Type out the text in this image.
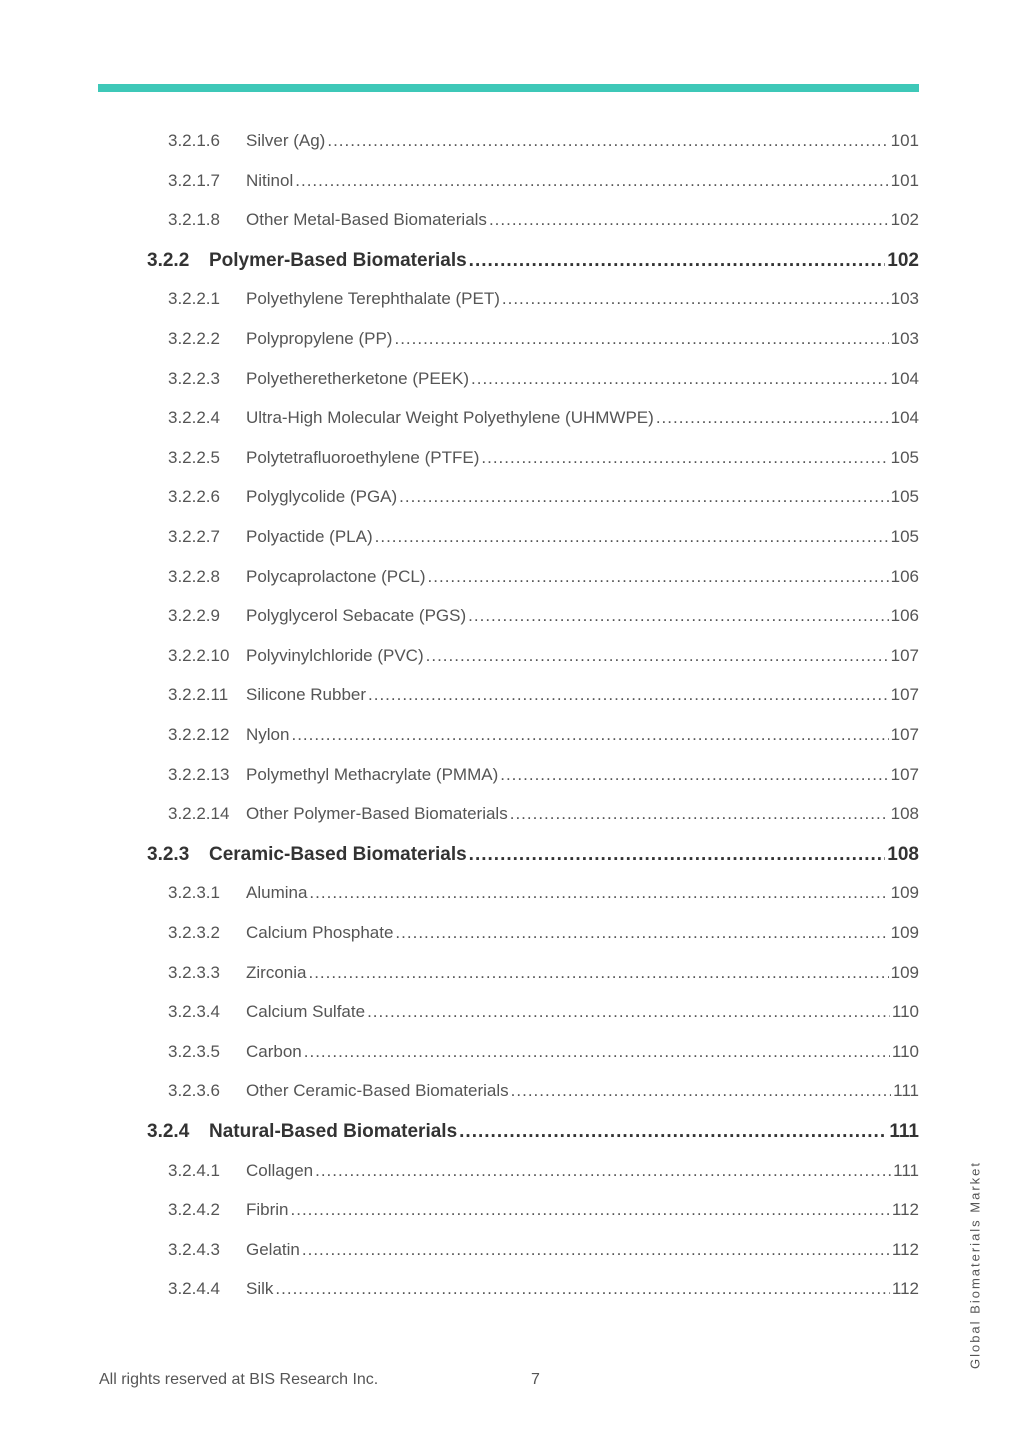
3.2.1.6	Silver (Ag) .....	101
3.2.1.7	Nitinol .....	101
3.2.1.8	Other Metal-Based Biomaterials .....	102
3.2.2	Polymer-Based Biomaterials .....	102
3.2.2.1	Polyethylene Terephthalate (PET) .....	103
3.2.2.2	Polypropylene (PP) .....	103
3.2.2.3	Polyetheretherketone (PEEK) .....	104
3.2.2.4	Ultra-High Molecular Weight Polyethylene (UHMWPE) .....	104
3.2.2.5	Polytetrafluoroethylene (PTFE) .....	105
3.2.2.6	Polyglycolide (PGA) .....	105
3.2.2.7	Polyactide (PLA) .....	105
3.2.2.8	Polycaprolactone (PCL) .....	106
3.2.2.9	Polyglycerol Sebacate (PGS) .....	106
3.2.2.10 Polyvinylchloride (PVC) .....	107
3.2.2.11	Silicone Rubber .....	107
3.2.2.12 Nylon .....	107
3.2.2.13 Polymethyl Methacrylate (PMMA) .....	107
3.2.2.14 Other Polymer-Based Biomaterials .....	108
3.2.3	Ceramic-Based Biomaterials .....	108
3.2.3.1	Alumina .....	109
3.2.3.2	Calcium Phosphate .....	109
3.2.3.3	Zirconia .....	109
3.2.3.4	Calcium Sulfate .....	110
3.2.3.5	Carbon .....	110
3.2.3.6	Other Ceramic-Based Biomaterials .....	111
3.2.4	Natural-Based Biomaterials .....	111
3.2.4.1	Collagen .....	111
3.2.4.2	Fibrin .....	112
3.2.4.3	Gelatin .....	112
3.2.4.4	Silk .....	112	Global Biomaterials Market
All rights reserved at BIS Research Inc.	7
